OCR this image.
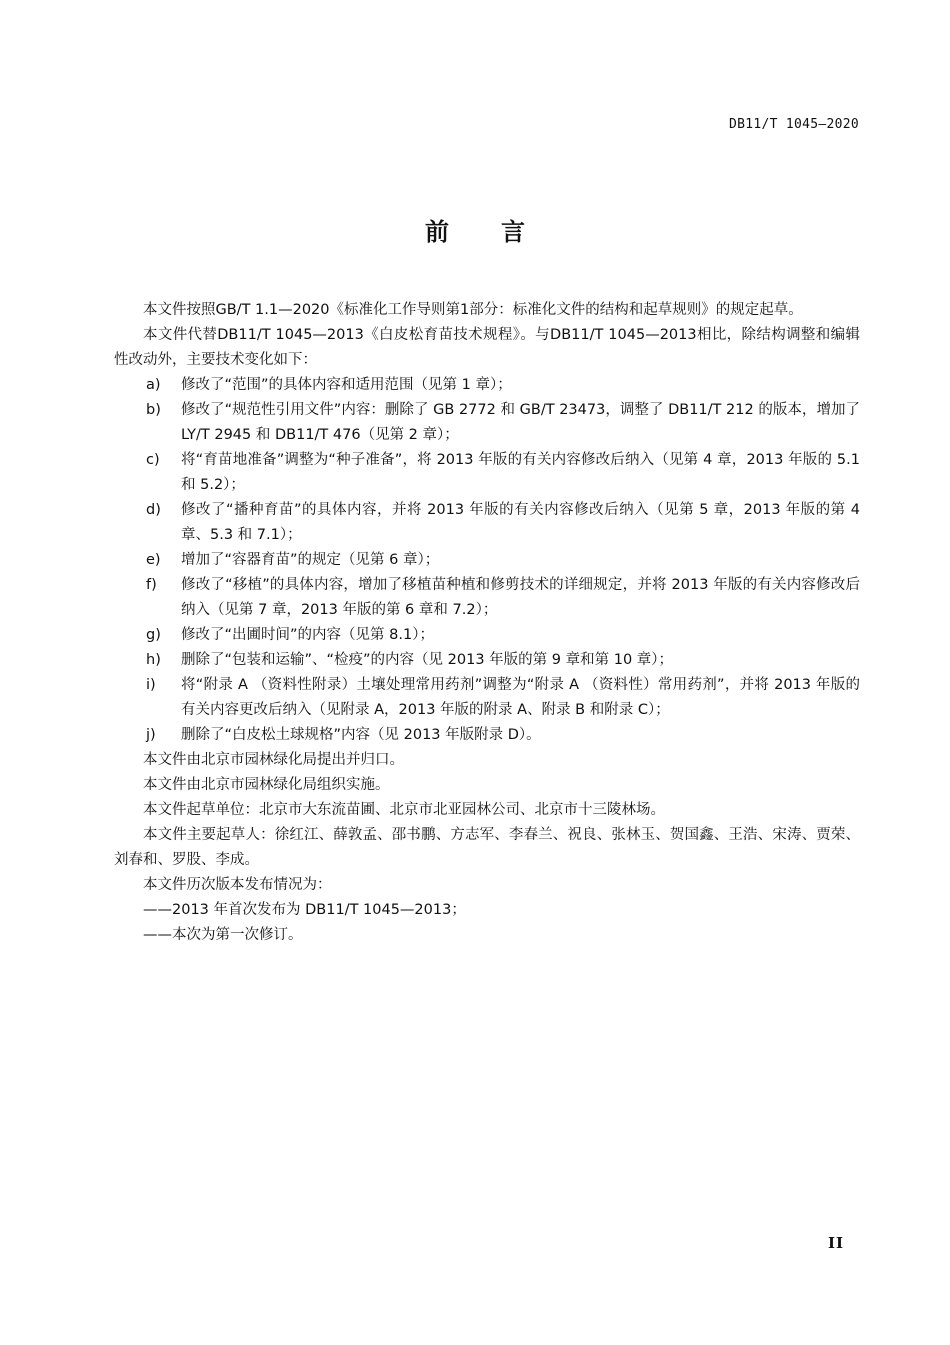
DB11/T 1045—2020
前言

本文件按照GB/T 1.1—2020《标准化工作导则第1部分：标准化文件的结构和起草规则》的规定起草。

本文件代替DB11/T 1045—2013《白皮松育苗技术规程》。与DB11/T 1045—2013相比，除结构调整和编辑性改动外，主要技术变化如下：

a) 修改了“范围”的具体内容和适用范围（见第 1 章）；
b) 修改了“规范性引用文件”内容：删除了 GB 2772 和 GB/T 23473，调整了 DB11/T 212 的版本，增加了 LY/T 2945 和 DB11/T 476（见第 2 章）；
c) 将“育苗地准备”调整为“种子准备”，将 2013 年版的有关内容修改后纳入（见第 4 章，2013 年版的 5.1 和 5.2）；
d) 修改了“播种育苗”的具体内容，并将 2013 年版的有关内容修改后纳入（见第 5 章，2013 年版的第 4 章、5.3 和 7.1）；
e) 增加了“容器育苗”的规定（见第 6 章）；
f) 修改了“移植”的具体内容，增加了移植苗种植和修剪技术的详细规定，并将 2013 年版的有关内容修改后纳入（见第 7 章，2013 年版的第 6 章和 7.2）；
g) 修改了“出圃时间”的内容（见第 8.1）；
h) 删除了“包装和运输”、“检疫”的内容（见 2013 年版的第 9 章和第 10 章）；
i) 将“附录 A （资料性附录）土壤处理常用药剂”调整为“附录 A （资料性）常用药剂”，并将 2013 年版的有关内容更改后纳入（见附录 A，2013 年版的附录 A、附录 B 和附录 C）；
j) 删除了“白皮松土球规格”内容（见 2013 年版附录 D）。

本文件由北京市园林绿化局提出并归口。

本文件由北京市园林绿化局组织实施。

本文件起草单位：北京市大东流苗圃、北京市北亚园林公司、北京市十三陵林场。

本文件主要起草人：徐红江、薛敦孟、邵书鹏、方志军、李春兰、祝良、张林玉、贺国鑫、王浩、宋涛、贾荣、刘春和、罗股、李成。

本文件历次版本发布情况为：

——2013 年首次发布为 DB11/T 1045—2013；

——本次为第一次修订。

II
